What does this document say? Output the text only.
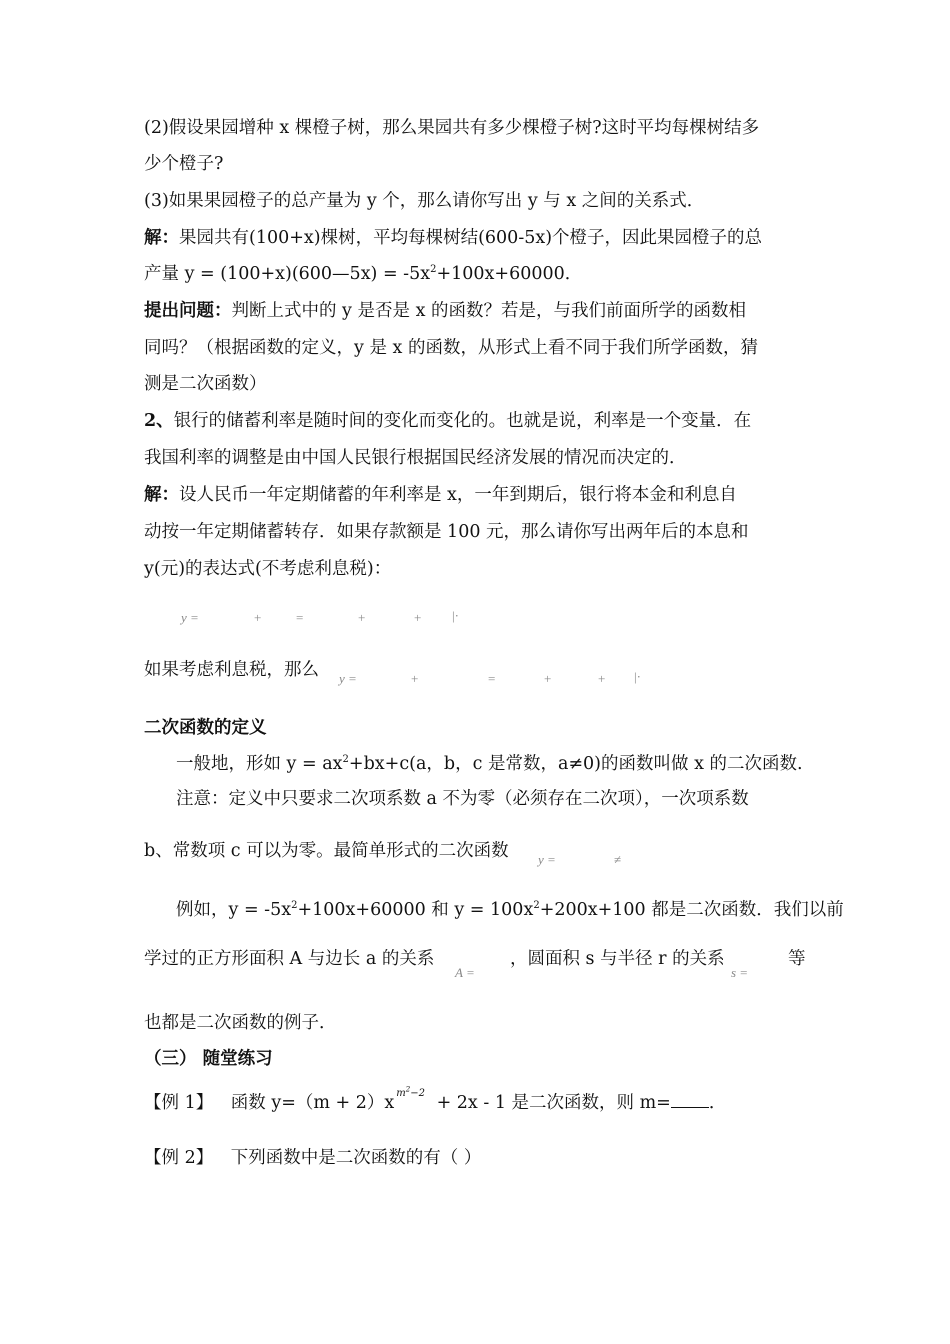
(2)假设果园增种 x 棵橙子树，那么果园共有多少棵橙子树?这时平均每棵树结多
少个橙子?
(3)如果果园橙子的总产量为 y 个，那么请你写出 y 与 x 之间的关系式．
解：果园共有(100+x)棵树，平均每棵树结(600-5x)个橙子，因此果园橙子的总
产量 y = (100+x)(600—5x) = $-5x^2+100x+60000$．
提出问题：判断上式中的 y 是否是 x 的函数？若是，与我们前面所学的函数相
同吗？（根据函数的定义，y 是 x 的函数，从形式上看不同于我们所学函数，猜
测是二次函数）
2、银行的储蓄利率是随时间的变化而变化的。也就是说，利率是一个变量．在
我国利率的调整是由中国人民银行根据国民经济发展的情况而决定的．
解：设人民币一年定期储蓄的年利率是 x，一年到期后，银行将本金和利息自
动按一年定期储蓄转存．如果存款额是 100 元，那么请你写出两年后的本息和
y(元)的表达式(不考虑利息税)：
y =	+	=	+	+ |·
如果考虑利息税，那么 y =	+	=	+	+ |·
二次函数的定义
一般地，形如 $y = ax^2+bx+c(a$，b，c 是常数，a≠0)的函数叫做 x 的二次函数.
注意：定义中只要求二次项系数 a 不为零（必须存在二次项），一次项系数
b、常数项 c 可以为零。最简单形式的二次函数 y =	≠
例如，$y = -5x^2+100x+60000$ 和 $y = 100x^2+200x+100$ 都是二次函数．我们以前
学过的正方形面积 A 与边长 a 的关系
A =
，圆面积 s 与半径 r 的关系
s =
等
也都是二次函数的例子．
（三） 随堂练习
【例 1】 函数 y=（m + 2）x $^{m^2-2}$ + 2x - 1 是二次函数，则 m= ．
【例 2】 下列函数中是二次函数的有（ ）
